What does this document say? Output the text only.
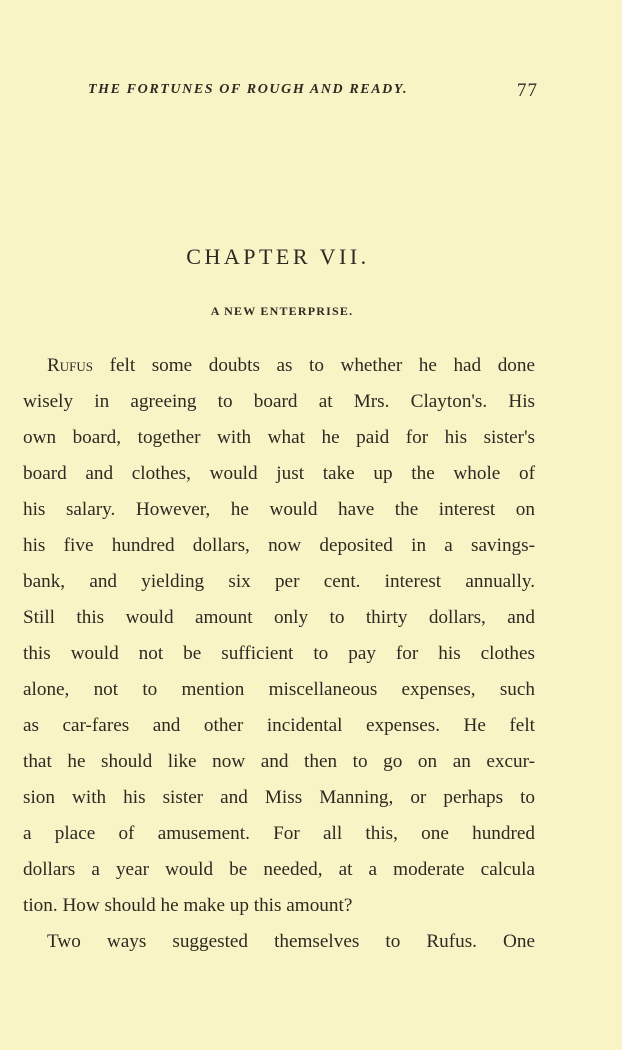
THE FORTUNES OF ROUGH AND READY.	77
CHAPTER VII.
A NEW ENTERPRISE.
Rufus felt some doubts as to whether he had done
wisely in agreeing to board at Mrs. Clayton's. His
own board, together with what he paid for his sister's
board and clothes, would just take up the whole of
his salary. However, he would have the interest on
his five hundred dollars, now deposited in a savings-
bank, and yielding six per cent. interest annually.
Still this would amount only to thirty dollars, and
this would not be sufficient to pay for his clothes
alone, not to mention miscellaneous expenses, such
as car-fares and other incidental expenses. He felt
that he should like now and then to go on an excur-
sion with his sister and Miss Manning, or perhaps to
a place of amusement. For all this, one hundred
dollars a year would be needed, at a moderate calcula
tion. How should he make up this amount?
Two ways suggested themselves to Rufus. One
